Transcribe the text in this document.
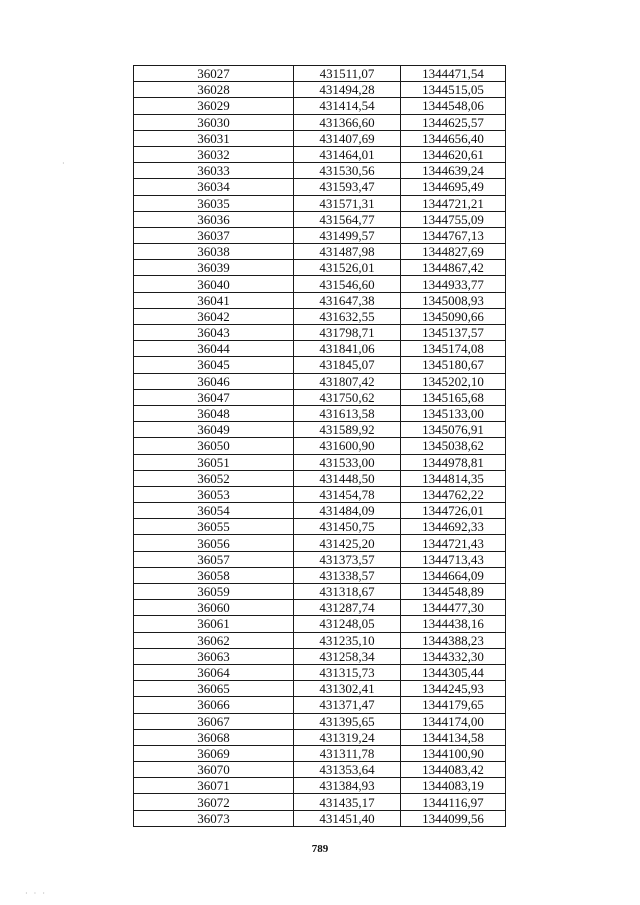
36027	431511,07	1344471,54
36028	431494,28	1344515,05
36029	431414,54	1344548,06
36030	431366,60	1344625,57
36031	431407,69	1344656,40
36032	431464,01	1344620,61
36033	431530,56	1344639,24
36034	431593,47	1344695,49
36035	431571,31	1344721,21
36036	431564,77	1344755,09
36037	431499,57	1344767,13
36038	431487,98	1344827,69
36039	431526,01	1344867,42
36040	431546,60	1344933,77
36041	431647,38	1345008,93
36042	431632,55	1345090,66
36043	431798,71	1345137,57
36044	431841,06	1345174,08
36045	431845,07	1345180,67
36046	431807,42	1345202,10
36047	431750,62	1345165,68
36048	431613,58	1345133,00
36049	431589,92	1345076,91
36050	431600,90	1345038,62
36051	431533,00	1344978,81
36052	431448,50	1344814,35
36053	431454,78	1344762,22
36054	431484,09	1344726,01
36055	431450,75	1344692,33
36056	431425,20	1344721,43
36057	431373,57	1344713,43
36058	431338,57	1344664,09
36059	431318,67	1344548,89
36060	431287,74	1344477,30
36061	431248,05	1344438,16
36062	431235,10	1344388,23
36063	431258,34	1344332,30
36064	431315,73	1344305,44
36065	431302,41	1344245,93
36066	431371,47	1344179,65
36067	431395,65	1344174,00
36068	431319,24	1344134,58
36069	431311,78	1344100,90
36070	431353,64	1344083,42
36071	431384,93	1344083,19
36072	431435,17	1344116,97
36073	431451,40	1344099,56
789
·
· · ·
